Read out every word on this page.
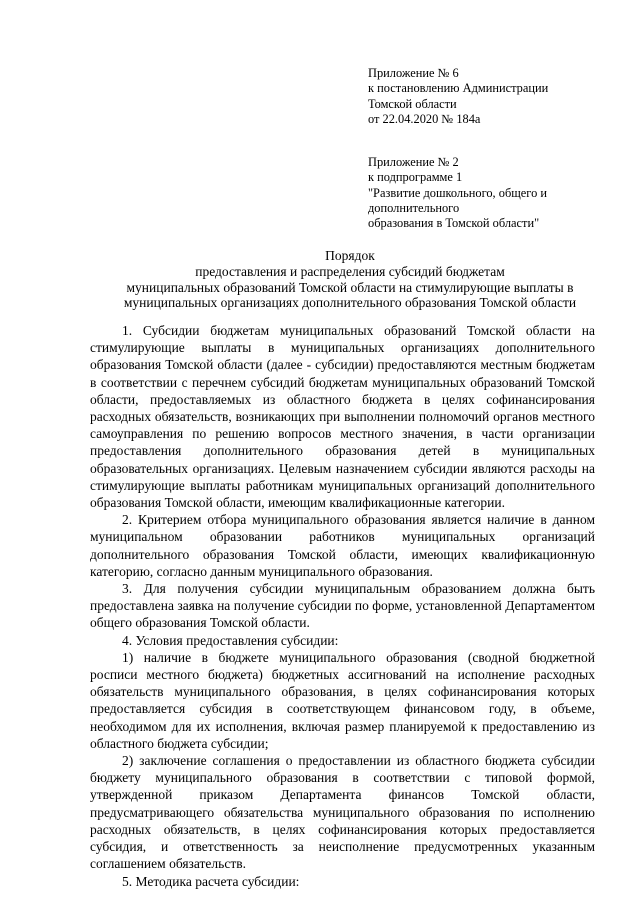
Приложение № 6
к постановлению Администрации
Томской области
от 22.04.2020 № 184а
Приложение № 2
к подпрограмме 1
"Развитие дошкольного, общего и
дополнительного
образования в Томской области"
Порядок
предоставления и распределения субсидий бюджетам
муниципальных образований Томской области на стимулирующие выплаты в
муниципальных организациях дополнительного образования Томской области

1. Субсидии бюджетам муниципальных образований Томской области на стимулирующие выплаты в муниципальных организациях дополнительного образования Томской области (далее - субсидии) предоставляются местным бюджетам в соответствии с перечнем субсидий бюджетам муниципальных образований Томской области, предоставляемых из областного бюджета в целях софинансирования расходных обязательств, возникающих при выполнении полномочий органов местного самоуправления по решению вопросов местного значения, в части организации предоставления дополнительного образования детей в муниципальных образовательных организациях. Целевым назначением субсидии являются расходы на стимулирующие выплаты работникам муниципальных организаций дополнительного образования Томской области, имеющим квалификационные категории.

2. Критерием отбора муниципального образования является наличие в данном муниципальном образовании работников муниципальных организаций дополнительного образования Томской области, имеющих квалификационную категорию, согласно данным муниципального образования.

3. Для получения субсидии муниципальным образованием должна быть предоставлена заявка на получение субсидии по форме, установленной Департаментом общего образования Томской области.

4. Условия предоставления субсидии:

1) наличие в бюджете муниципального образования (сводной бюджетной росписи местного бюджета) бюджетных ассигнований на исполнение расходных обязательств муниципального образования, в целях софинансирования которых предоставляется субсидия в соответствующем финансовом году, в объеме, необходимом для их исполнения, включая размер планируемой к предоставлению из областного бюджета субсидии;

2) заключение соглашения о предоставлении из областного бюджета субсидии бюджету муниципального образования в соответствии с типовой формой, утвержденной приказом Департамента финансов Томской области, предусматривающего обязательства муниципального образования по исполнению расходных обязательств, в целях софинансирования которых предоставляется субсидия, и ответственность за неисполнение предусмотренных указанным соглашением обязательств.

5. Методика расчета субсидии:
